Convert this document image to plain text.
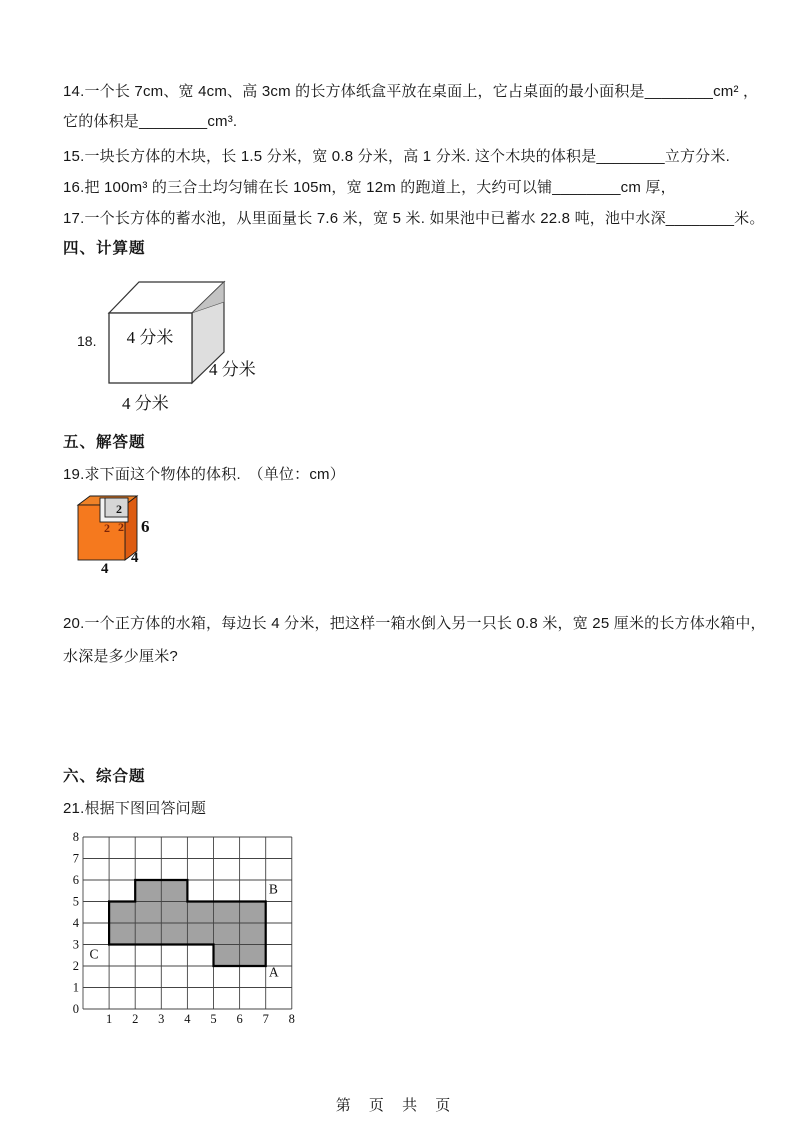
14.一个长 7cm、宽 4cm、高 3cm 的长方体纸盒平放在桌面上，它占桌面的最小面积是________cm² ，
它的体积是________cm³.
15.一块长方体的木块，长 1.5 分米，宽 0.8 分米，高 1 分米. 这个木块的体积是________立方分米.
16.把 100m³ 的三合土均匀铺在长 105m，宽 12m 的跑道上，大约可以铺________cm 厚，
17.一个长方体的蓄水池，从里面量长 7.6 米，宽 5 米. 如果池中已蓄水 22.8 吨，池中水深________米。
四、计算题
18. 4 分米
4 分米
4 分米
五、解答题
19.求下面这个物体的体积.　（单位：cm）
2
2 2 6
4
4
20.一个正方体的水箱，每边长 4 分米，把这样一箱水倒入另一只长 0.8 米，宽 25 厘米的长方体水箱中，
水深是多少厘米?
六、综合题
21.根据下图回答问题
1 2 3 4 5 6 7 8
0
1
2
3
4
5
6
7
8
B
A
C
第 页 共 页
